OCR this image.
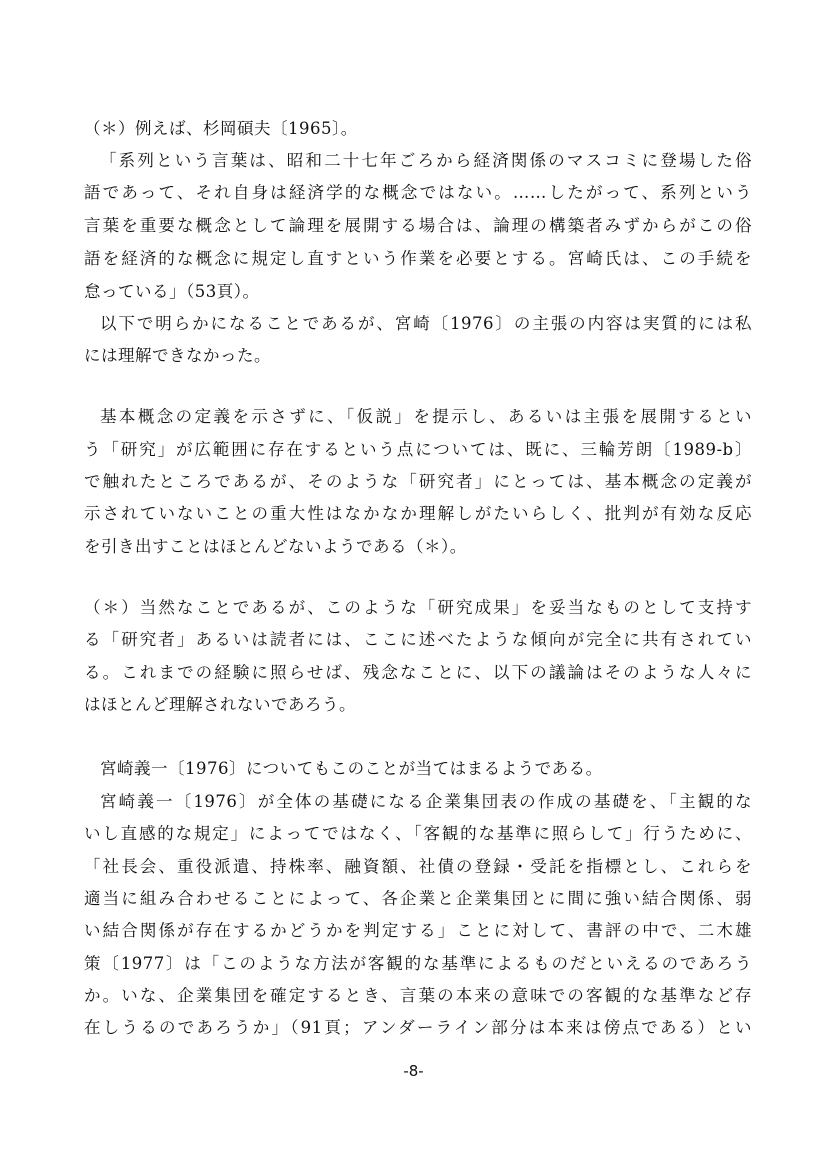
（＊）例えば、杉岡碩夫〔1965〕。
「系列という言葉は、昭和二十七年ごろから経済関係のマスコミに登場した俗
語であって、それ自身は経済学的な概念ではない。……したがって、系列という
言葉を重要な概念として論理を展開する場合は、論理の構築者みずからがこの俗
語を経済的な概念に規定し直すという作業を必要とする。宮崎氏は、この手続を
怠っている」（53頁）。
以下で明らかになることであるが、宮崎〔1976〕の主張の内容は実質的には私
には理解できなかった。
基本概念の定義を示さずに、「仮説」を提示し、あるいは主張を展開するとい
う「研究」が広範囲に存在するという点については、既に、三輪芳朗〔1989-b〕
で触れたところであるが、そのような「研究者」にとっては、基本概念の定義が
示されていないことの重大性はなかなか理解しがたいらしく、批判が有効な反応
を引き出すことはほとんどないようである（＊）。
（＊）当然なことであるが、このような「研究成果」を妥当なものとして支持す
る「研究者」あるいは読者には、ここに述べたような傾向が完全に共有されてい
る。これまでの経験に照らせば、残念なことに、以下の議論はそのような人々に
はほとんど理解されないであろう。
宮崎義一〔1976〕についてもこのことが当てはまるようである。
宮崎義一〔1976〕が全体の基礎になる企業集団表の作成の基礎を、「主観的な
いし直感的な規定」によってではなく、「客観的な基準に照らして」行うために、
「社長会、重役派遣、持株率、融資額、社債の登録・受託を指標とし、これらを
適当に組み合わせることによって、各企業と企業集団とに間に強い結合関係、弱
い結合関係が存在するかどうかを判定する」ことに対して、書評の中で、二木雄
策〔1977〕は「このような方法が客観的な基準によるものだといえるのであろう
か。いな、企業集団を確定するとき、言葉の本来の意味での客観的な基準など存
在しうるのであろうか」（91頁；アンダーライン部分は本来は傍点である）とい
-8-
